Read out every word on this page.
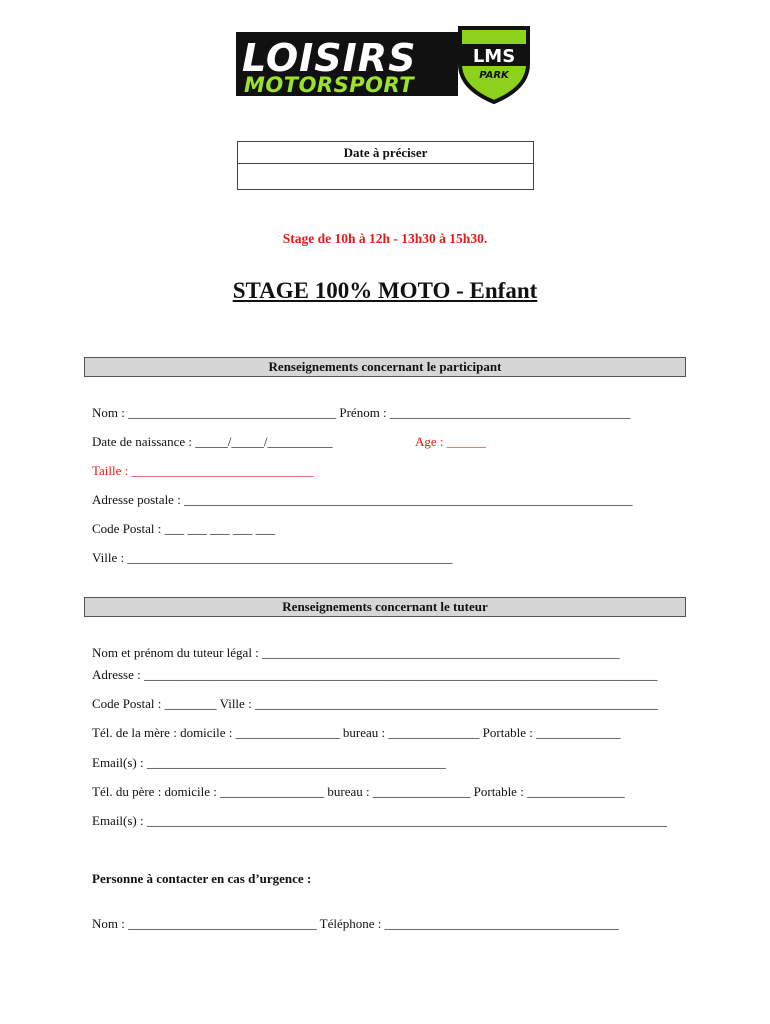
LOISIRS
MOTORSPORT
LMS
PARK
Date à préciser
Stage de 10h à 12h - 13h30 à 15h30.
STAGE 100% MOTO - Enfant
Renseignements concernant le participant
Nom : ________________________________ Prénom : _____________________________________
Date de naissance : _____/_____/__________	Age : ______
Taille : ____________________________
Adresse postale : _____________________________________________________________________
Code Postal : ___ ___ ___ ___ ___
Ville : __________________________________________________
Renseignements concernant le tuteur
Nom et prénom du tuteur légal : _______________________________________________________
Adresse : _______________________________________________________________________________
Code Postal : ________ Ville : ______________________________________________________________
Tél. de la mère : domicile : ________________ bureau : ______________ Portable : _____________
Email(s) : ______________________________________________
Tél. du père : domicile : ________________ bureau : _______________ Portable : _______________
Email(s) : ________________________________________________________________________________
Personne à contacter en cas d’urgence :
Nom : _____________________________ Téléphone : ____________________________________
